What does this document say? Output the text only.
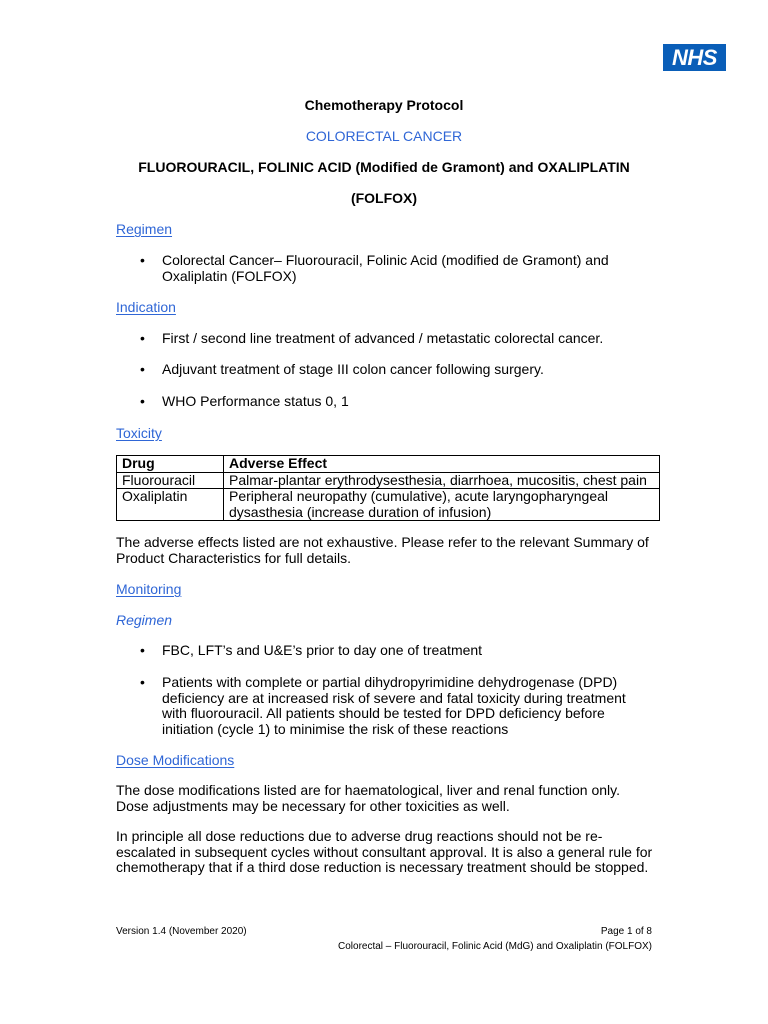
NHS
Chemotherapy Protocol
COLORECTAL CANCER
FLUOROURACIL, FOLINIC ACID (Modified de Gramont) and OXALIPLATIN
(FOLFOX)
Regimen
• Colorectal Cancer– Fluorouracil, Folinic Acid (modified de Gramont) and Oxaliplatin (FOLFOX)
Indication
• First / second line treatment of advanced / metastatic colorectal cancer.
• Adjuvant treatment of stage III colon cancer following surgery.
• WHO Performance status 0, 1
Toxicity
Drug	Adverse Effect
Fluorouracil	Palmar-plantar erythrodysesthesia, diarrhoea, mucositis, chest pain
Oxaliplatin	Peripheral neuropathy (cumulative), acute laryngopharyngeal dysasthesia (increase duration of infusion)
The adverse effects listed are not exhaustive. Please refer to the relevant Summary of Product Characteristics for full details.
Monitoring
Regimen
• FBC, LFT’s and U&E’s prior to day one of treatment
• Patients with complete or partial dihydropyrimidine dehydrogenase (DPD) deficiency are at increased risk of severe and fatal toxicity during treatment with fluorouracil. All patients should be tested for DPD deficiency before initiation (cycle 1) to minimise the risk of these reactions
Dose Modifications
The dose modifications listed are for haematological, liver and renal function only. Dose adjustments may be necessary for other toxicities as well.
In principle all dose reductions due to adverse drug reactions should not be re-escalated in subsequent cycles without consultant approval. It is also a general rule for chemotherapy that if a third dose reduction is necessary treatment should be stopped.
Version 1.4 (November 2020)	Page 1 of 8
Colorectal – Fluorouracil, Folinic Acid (MdG) and Oxaliplatin (FOLFOX)
